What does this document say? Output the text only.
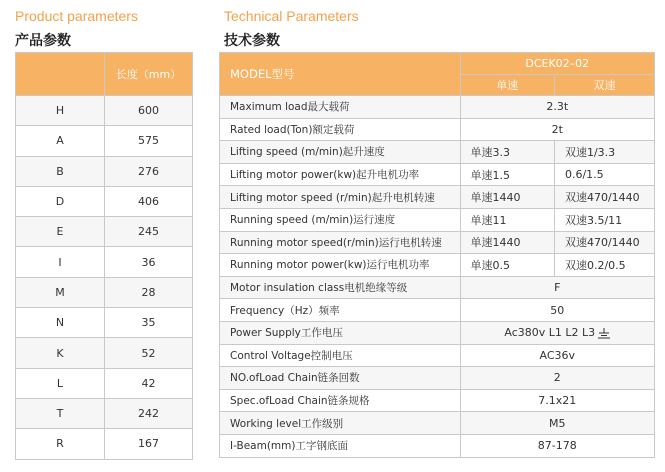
Product parameters
产品参数
Technical Parameters
技术参数
	长度（mm）
H	600
A	575
B	276
D	406
E	245
I	36
M	28
N	35
K	52
L	42
T	242
R	167
MODEL型号	DCEK02–02	
	单速	双速
Maximum load最大载荷	2.3t	
Rated load(Ton)额定载荷	2t	
Lifting speed (m/min)起升速度	单速3.3	双速1/3.3
Lifting motor power(kw)起升电机功率	单速1.5	0.6/1.5
Lifting motor speed (r/min)起升电机转速	单速1440	双速470/1440
Running speed (m/min)运行速度	单速11	双速3.5/11
Running motor speed(r/min)运行电机转速	单速1440	双速470/1440
Running motor power(kw)运行电机功率	单速0.5	双速0.2/0.5
Motor insulation class电机绝缘等级	F	
Frequency（Hz）频率	50	
Power Supply工作电压	Ac380v L1 L2 L3	
Control Voltage控制电压	AC36v	
NO.ofLoad Chain链条回数	2	
Spec.ofLoad Chain链条规格	7.1x21	
Working level工作级别	M5	
I-Beam(mm)工字钢底面	87-178	
